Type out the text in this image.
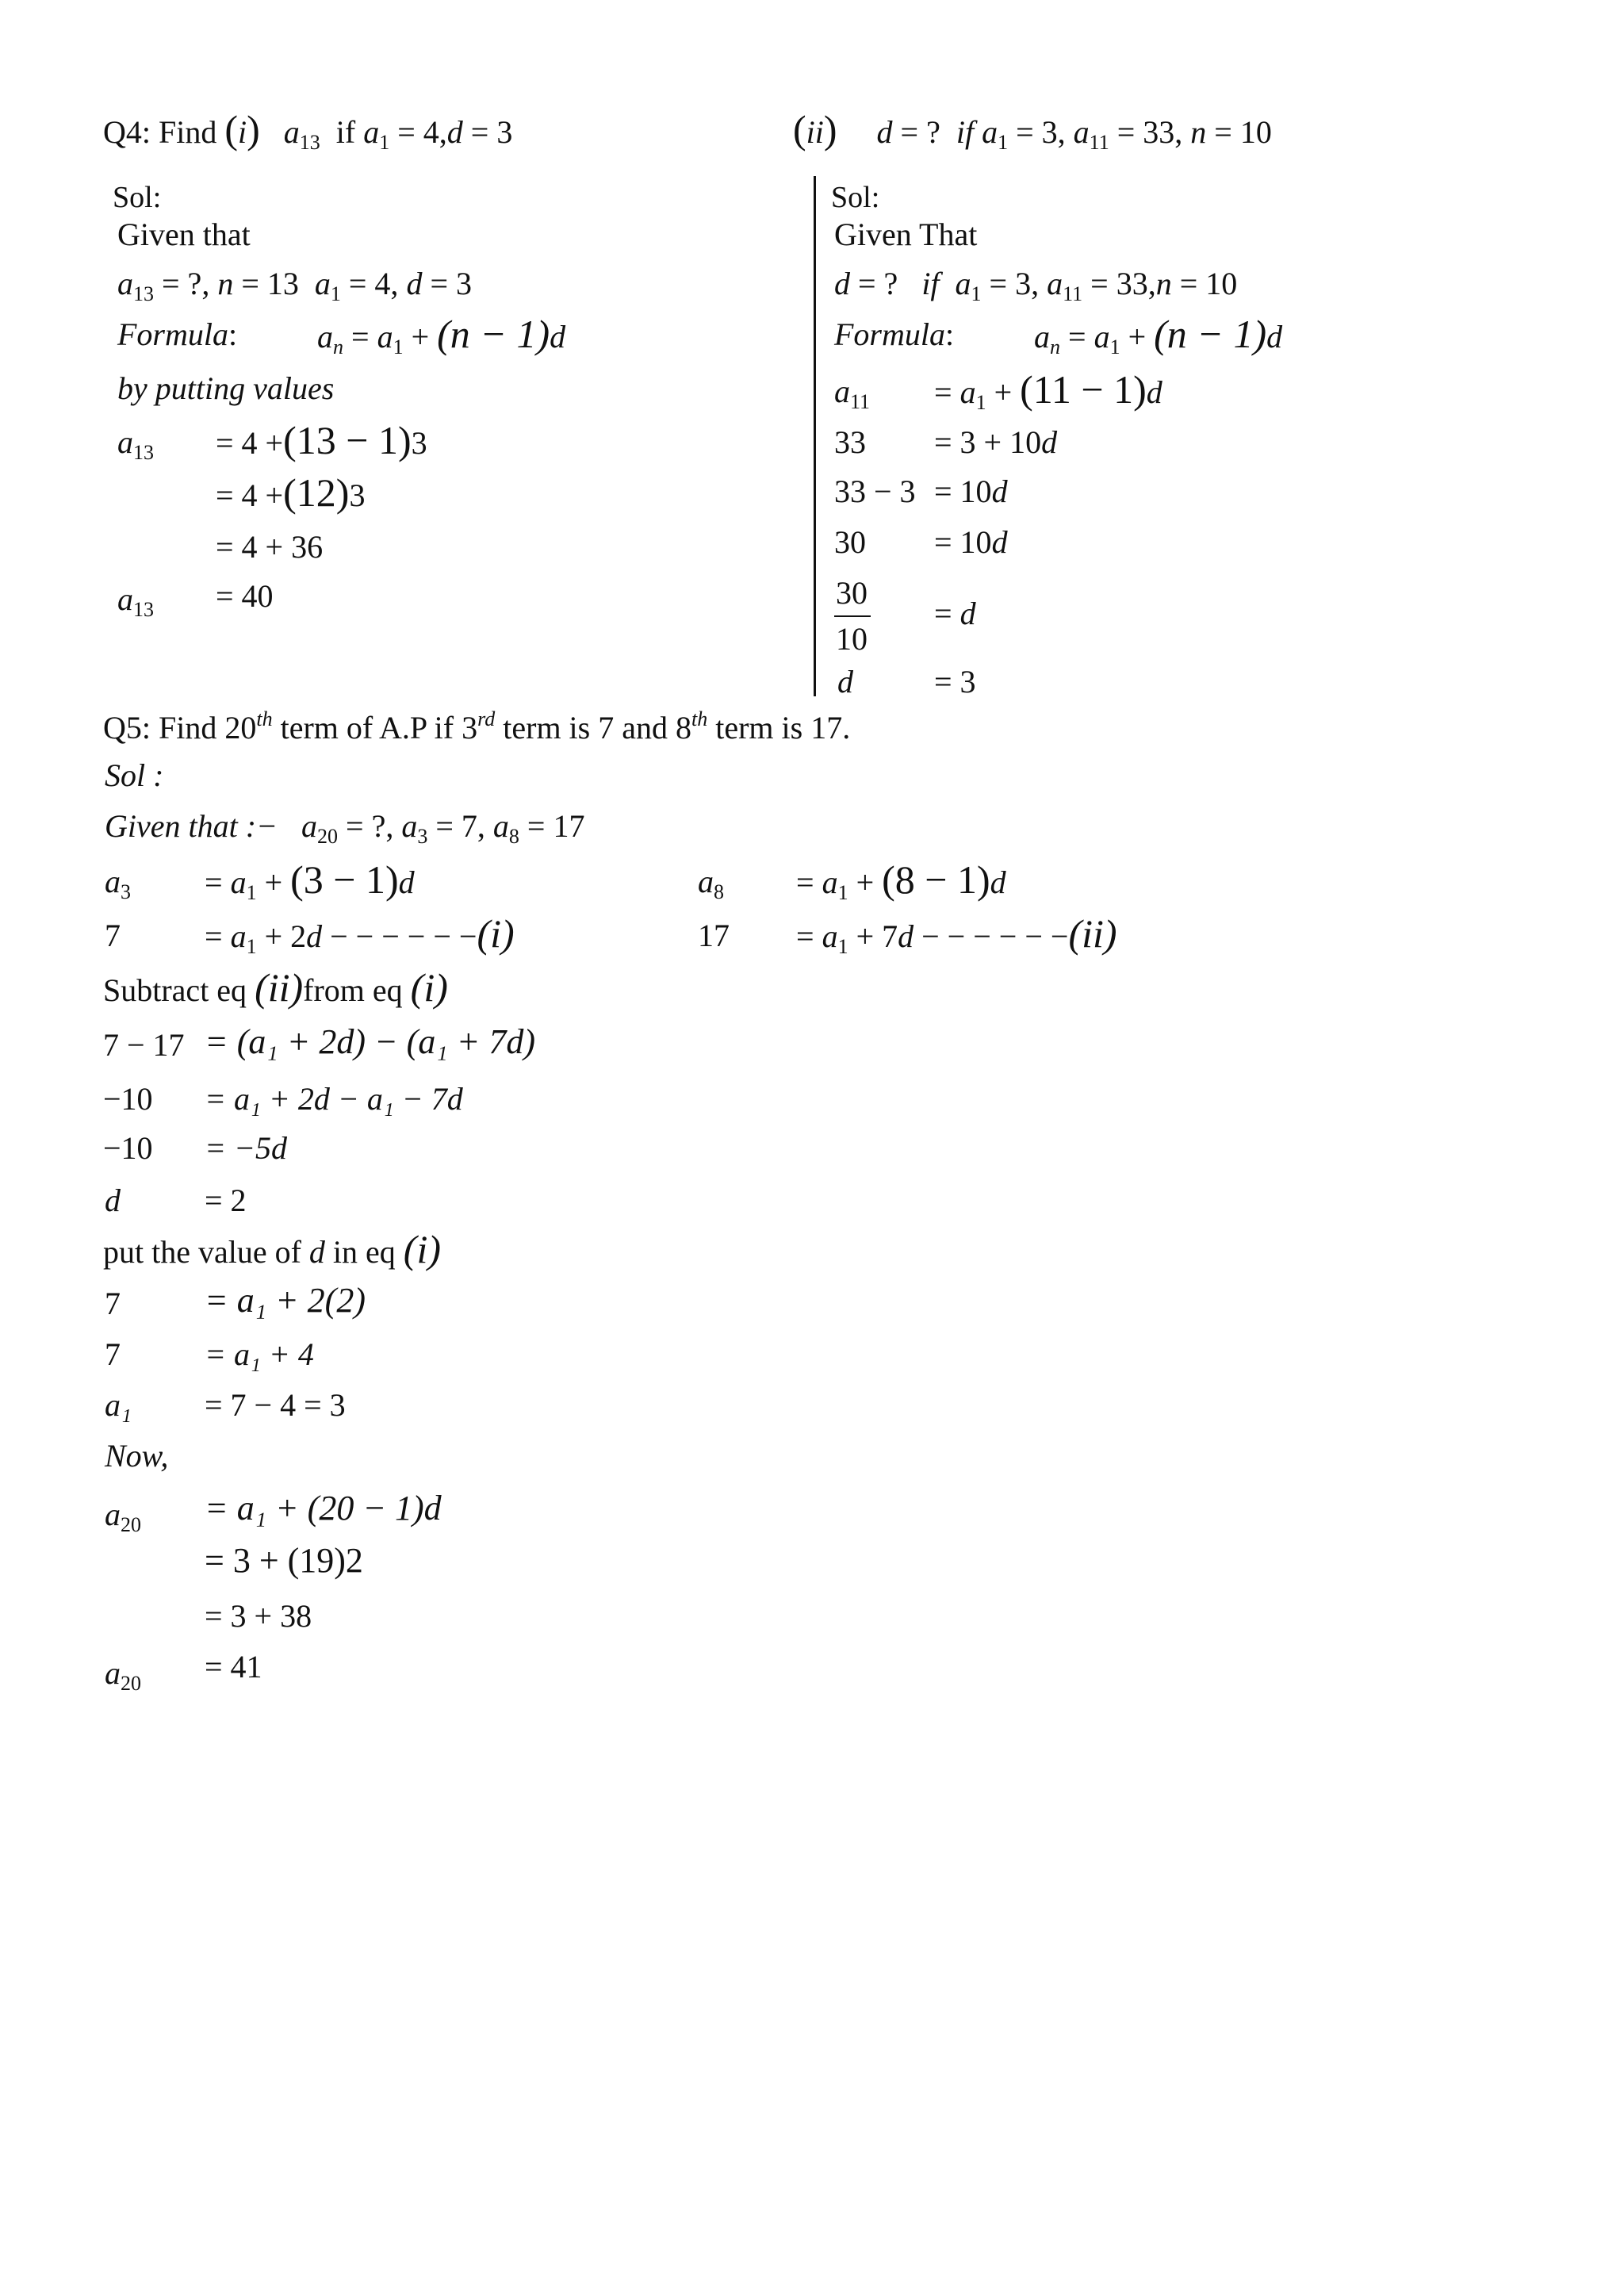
Q4: Find (i) $a_{13}$ if $a_1 = 4,d = 3$	(ii) d = ? if $a_1 = 3$, $a_{11} = 33$, n = 10
Sol:
Given that
$a_{13}$ = ?, n = 13 $a_1 = 4$, d = 3
Formula:	$a_n = a_1 + (n - 1)d$
by putting values
$a_{13} = 4 +(13 - 1)3$
= 4 +(12)3
= 4 + 36
$a_{13} = 40$
Sol:
Given That
d = ? if $a_1 = 3$, $a_{11} = 33,n = 10$
Formula:	$a_n = a_1 + (n - 1)d$
$a_{11} = a_1 + (11 - 1)d$
33 = 3 + 10d
33 − 3 = 10d
30 = 10d
30
10
= d
d	= 3
Q5: Find 20th term of A.P if 3rd term is 7 and 8th term is 17.
Sol :
Given that :− $a_{20}$ = ?, $a_3 = 7$, $a_8 = 17$
$a_3 = a_1 + (3 - 1)d$
7	= $a_1 + 2d$ − − − − − −(i)
$a_8 = a_1 + (8 - 1)d$
$17 = a_1 + 7d$ − − − − − −(ii)
Subtract eq (ii)from eq (i)
7 − 17 = (a₁ + 2d) − (a₁ + 7d)
−10 = a₁ + 2d − a₁ − 7d
−10 = −5d
d	= 2
put the value of d in eq (i)
7 = a₁ + 2(2)
7	= a₁ + 4
a₁ = 7 − 4 = 3
Now,
$a_{20} = a_1 + (20 - 1)d$
= 3 + (19)2
= 3 + 38
$a_{20} = 41$
